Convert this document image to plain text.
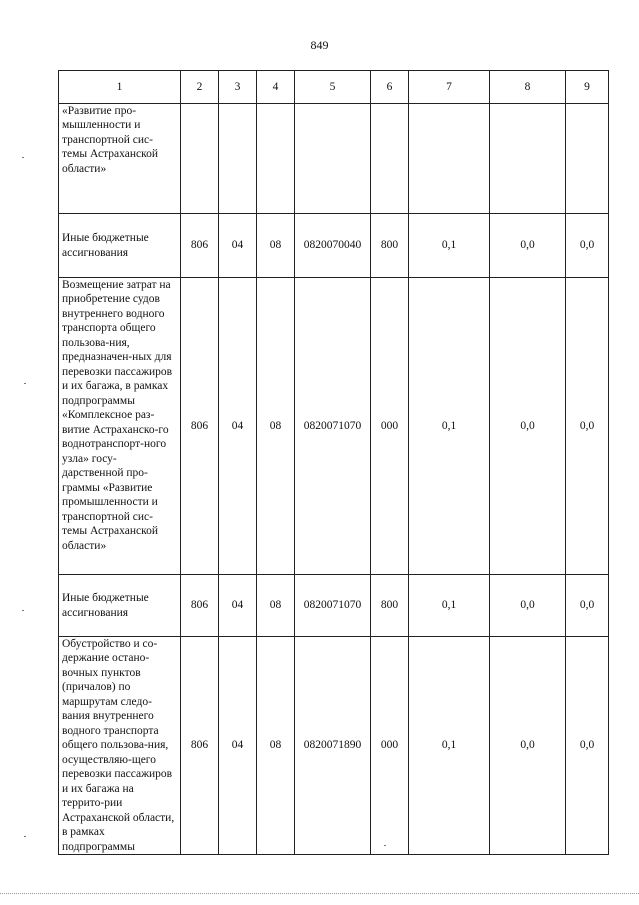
849
1	2	3	4	5	6	7	8	9
«Развитие про-мышленности и транспортной сис-темы Астраханской области»								
Иные бюджетные ассигнования	806	04	08	0820070040	800	0,1	0,0	0,0
Возмещение затрат на приобретение судов внутреннего водного транспорта общего пользова-ния, предназначен-ных для перевозки пассажиров и их багажа, в рамках подпрограммы «Комплексное раз-витие Астраханско-го воднотранспорт-ного узла» госу-дарственной про-граммы «Развитие промышленности и транспортной сис-темы Астраханской области»	806	04	08	0820071070	000	0,1	0,0	0,0
Иные бюджетные ассигнования	806	04	08	0820071070	800	0,1	0,0	0,0
Обустройство и со-держание остано-вочных пунктов (причалов) по маршрутам следо-вания внутреннего водного транспорта общего пользова-ния, осуществляю-щего перевозки пассажиров и их багажа на террито-рии Астраханской области, в рамках подпрограммы	806	04	08	0820071890	000	0,1	0,0	0,0
